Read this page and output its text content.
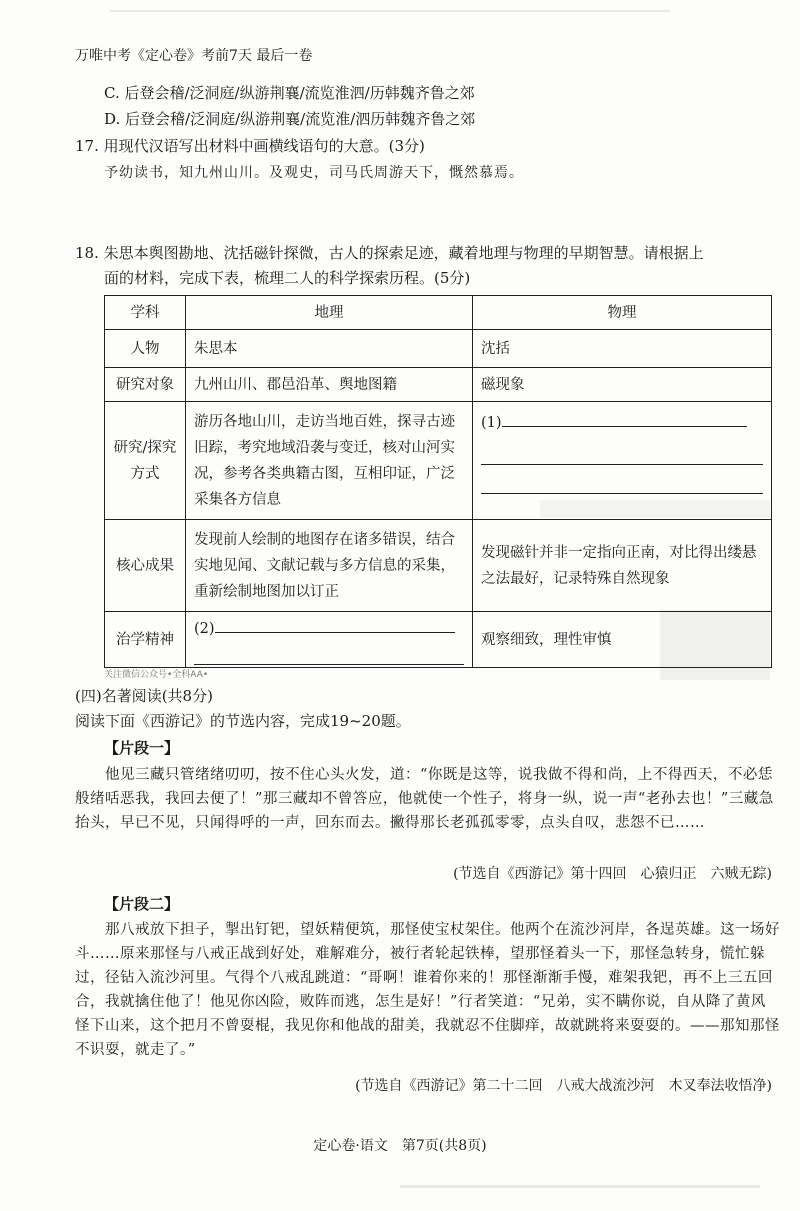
万唯中考《定心卷》考前7天 最后一卷
C. 后登会稽/泛洞庭/纵游荆襄/流览淮泗/历韩魏齐鲁之郊
D. 后登会稽/泛洞庭/纵游荆襄/流览淮/泗历韩魏齐鲁之郊
17. 用现代汉语写出材料中画横线语句的大意。(3分)
予幼读书，知九州山川。及观史，司马氏周游天下，慨然慕焉。
18. 朱思本舆图勘地、沈括磁针探微，古人的探索足迹，藏着地理与物理的早期智慧。请根据上
面的材料，完成下表，梳理二人的科学探索历程。(5分)
学科	地理	物理
人物	朱思本	沈括
研究对象	九州山川、郡邑沿革、舆地图籍	磁现象
研究/探究方式	游历各地山川，走访当地百姓，探寻古迹旧踪，考究地域沿袭与变迁，核对山河实况，参考各类典籍古图，互相印证，广泛采集各方信息	(1)

核心成果	发现前人绘制的地图存在诸多错误，结合实地见闻、文献记载与多方信息的采集，重新绘制地图加以订正	发现磁针并非一定指向正南，对比得出缕悬之法最好，记录特殊自然现象
治学精神	(2)	观察细致，理性审慎
关注微信公众号•全科AA•
(四)名著阅读(共8分)
阅读下面《西游记》的节选内容，完成19~20题。
【片段一】
他见三藏只管绪绪叨叨，按不住心头火发，道：“你既是这等，说我做不得和尚，上不得西天，不必恁般绪咶恶我，我回去便了！”那三藏却不曾答应，他就使一个性子，将身一纵，说一声“老孙去也！”三藏急抬头，早已不见，只闻得呼的一声，回东而去。撇得那长老孤孤零零，点头自叹，悲怨不已……
(节选自《西游记》第十四回　心猿归正　六贼无踪)
【片段二】
那八戒放下担子，掣出钉钯，望妖精便筑，那怪使宝杖架住。他两个在流沙河岸，各逞英雄。这一场好斗……原来那怪与八戒正战到好处，难解难分，被行者轮起铁棒，望那怪着头一下，那怪急转身，慌忙躲过，径钻入流沙河里。气得个八戒乱跳道：“哥啊！谁着你来的！那怪渐渐手慢，难架我钯，再不上三五回合，我就擒住他了！他见你凶险，败阵而逃，怎生是好！”行者笑道：“兄弟，实不瞒你说，自从降了黄风怪下山来，这个把月不曾耍棍，我见你和他战的甜美，我就忍不住脚痒，故就跳将来耍耍的。——那知那怪不识耍，就走了。”
(节选自《西游记》第二十二回　八戒大战流沙河　木叉奉法收悟净)
定心卷·语文　第7页(共8页)
